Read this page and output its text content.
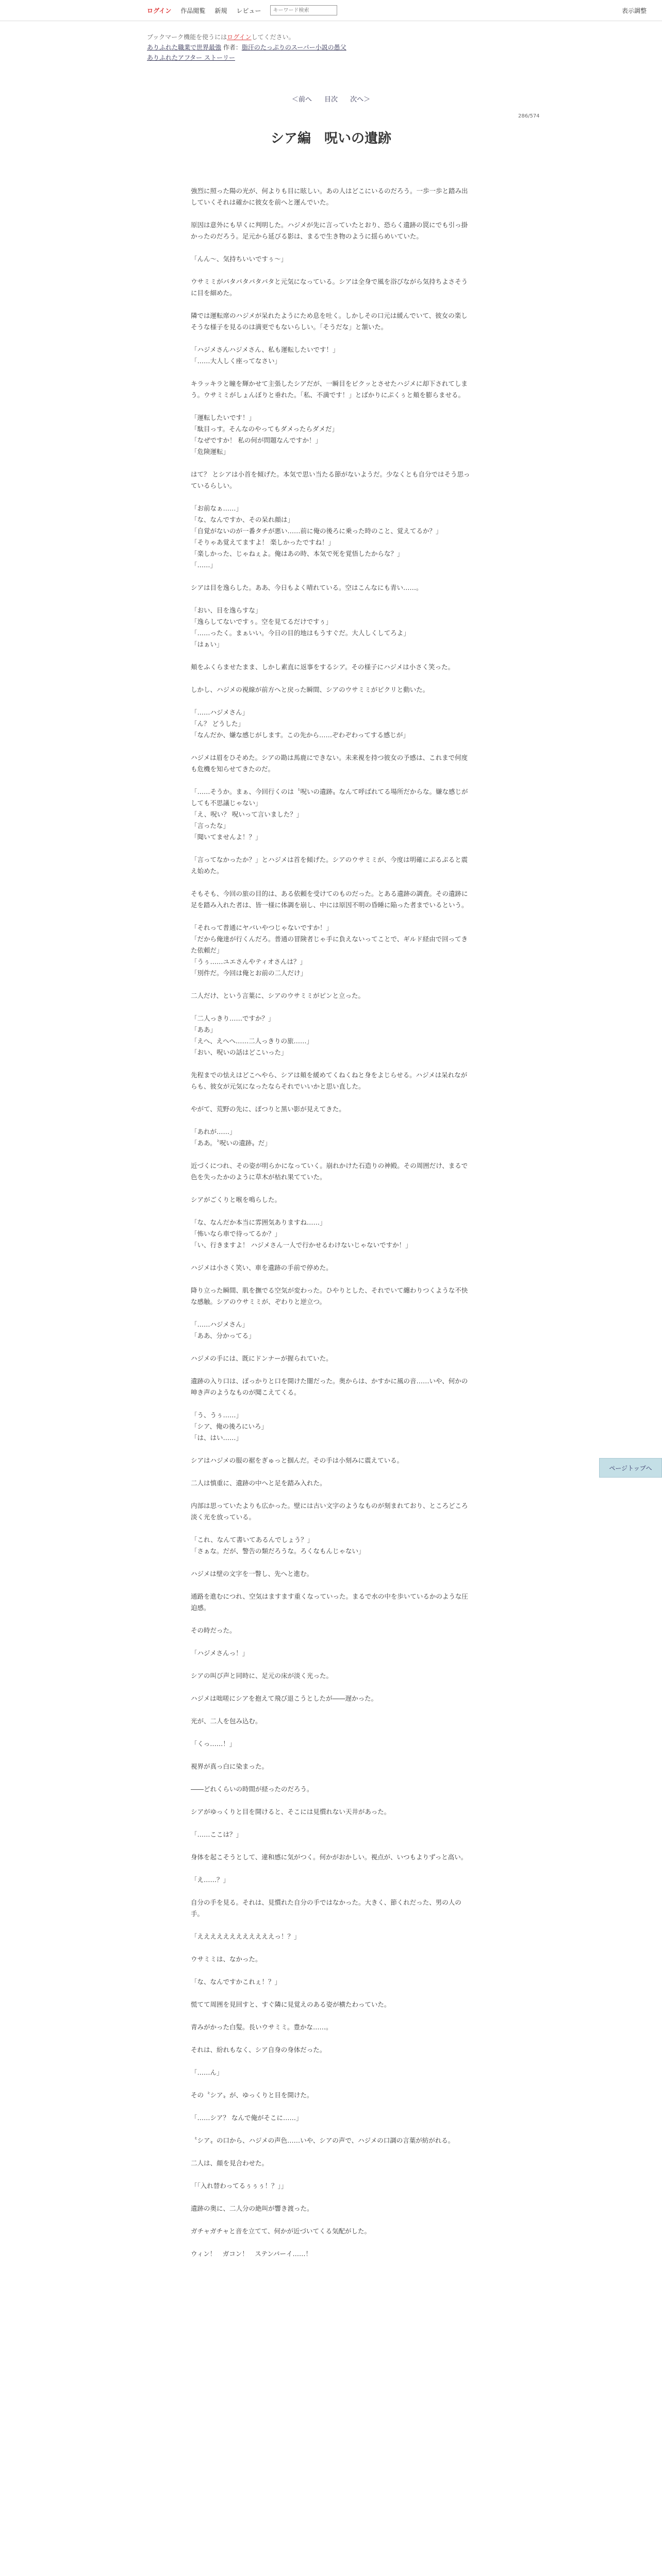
ログイン 作品閲覧 新規 レビュー
キーワード検索	表示調整
ブックマーク機能を使うにはログインしてください。
ありふれた職業で世界最強 作者：脂汗のたっぷりのスーパー小説の愚父
ありふれたアフター ストーリー
＜前へ 目次 次へ＞
286/574
シア編　呪いの遺跡

強烈に照った陽の光が、何よりも目に眩しい。あの人はどこにいるのだろう。一歩一歩と踏み出していくそれは確かに彼女を前へと運んでいた。

原因は意外にも早くに判明した。ハジメが先に言っていたとおり、恐らく遺跡の罠にでも引っ掛かったのだろう。足元から延びる影は、まるで生き物のように揺らめいていた。

「んん〜、気持ちいいですぅ〜」

ウサミミがパタパタパタパタと元気になっている。シアは全身で風を浴びながら気持ちよさそうに目を細めた。

隣では運転席のハジメが呆れたようにため息を吐く。しかしその口元は緩んでいて、彼女の楽しそうな様子を見るのは満更でもないらしい。「そうだな」と頷いた。

「ハジメさんハジメさん、私も運転したいです！」
「……大人しく座ってなさい」

キラッキラと瞳を輝かせて主張したシアだが、一瞬目をピクッとさせたハジメに却下されてしまう。ウサミミがしょんぼりと垂れた。「私、不満です！」とばかりにぷくぅと頬を膨らませる。

「運転したいです！」
「駄目っす。そんなのやってもダメったらダメだ」
「なぜですか！ 私の何が問題なんですか！」
「危険運転」

はて？ とシアは小首を傾げた。本気で思い当たる節がないようだ。少なくとも自分ではそう思っているらしい。

「お前なぁ……」
「な、なんですか、その呆れ顔は」
「自覚がないのが一番タチが悪い……前に俺の後ろに乗った時のこと、覚えてるか？」
「そりゃあ覚えてますよ！ 楽しかったですね！」
「楽しかった、じゃねぇよ。俺はあの時、本気で死を覚悟したからな？」
「……」

シアは目を逸らした。ああ、今日もよく晴れている。空はこんなにも青い……。

「おい、目を逸らすな」
「逸らしてないですぅ。空を見てるだけですぅ」
「……ったく。まぁいい。今日の目的地はもうすぐだ。大人しくしてろよ」
「はぁい」

頬をふくらませたまま、しかし素直に返事をするシア。その様子にハジメは小さく笑った。

しかし、ハジメの視線が前方へと戻った瞬間、シアのウサミミがピクリと動いた。

「……ハジメさん」
「ん？ どうした」
「なんだか、嫌な感じがします。この先から……ぞわぞわってする感じが」

ハジメは眉をひそめた。シアの勘は馬鹿にできない。未来視を持つ彼女の予感は、これまで何度も危機を知らせてきたのだ。

「……そうか。まぁ、今回行くのは〝呪いの遺跡〟なんて呼ばれてる場所だからな。嫌な感じがしても不思議じゃない」
「え、呪い？ 呪いって言いました？」
「言ったな」
「聞いてませんよ！？」

「言ってなかったか？」とハジメは首を傾げた。シアのウサミミが、今度は明確にぷるぷると震え始めた。

そもそも、今回の旅の目的は、ある依頼を受けてのものだった。とある遺跡の調査。その遺跡に足を踏み入れた者は、皆一様に体調を崩し、中には原因不明の昏睡に陥った者までいるという。

「それって普通にヤバいやつじゃないですか！」
「だから俺達が行くんだろ。普通の冒険者じゃ手に負えないってことで、ギルド経由で回ってきた依頼だ」
「うぅ……ユエさんやティオさんは？」
「別件だ。今回は俺とお前の二人だけ」

二人だけ、という言葉に、シアのウサミミがピンと立った。

「二人っきり……ですか？」
「ああ」
「えへ、えへへ……二人っきりの旅……」
「おい、呪いの話はどこいった」

先程までの怯えはどこへやら、シアは頬を緩めてくねくねと身をよじらせる。ハジメは呆れながらも、彼女が元気になったならそれでいいかと思い直した。

やがて、荒野の先に、ぽつりと黒い影が見えてきた。

「あれが……」
「ああ。〝呪いの遺跡〟だ」

近づくにつれ、その姿が明らかになっていく。崩れかけた石造りの神殿。その周囲だけ、まるで色を失ったかのように草木が枯れ果てていた。

シアがごくりと喉を鳴らした。

「な、なんだか本当に雰囲気ありますね……」
「怖いなら車で待ってるか？」
「い、行きますよ！ ハジメさん一人で行かせるわけないじゃないですか！」

ハジメは小さく笑い、車を遺跡の手前で停めた。

降り立った瞬間、肌を撫でる空気が変わった。ひやりとした、それでいて纏わりつくような不快な感触。シアのウサミミが、ぞわりと逆立つ。

「……ハジメさん」
「ああ、分かってる」

ハジメの手には、既にドンナーが握られていた。

遺跡の入り口は、ぽっかりと口を開けた闇だった。奥からは、かすかに風の音……いや、何かの呻き声のようなものが聞こえてくる。

「う、うぅ……」
「シア、俺の後ろにいろ」
「は、はい……」

シアはハジメの服の裾をぎゅっと掴んだ。その手は小刻みに震えている。

二人は慎重に、遺跡の中へと足を踏み入れた。

内部は思っていたよりも広かった。壁には古い文字のようなものが刻まれており、ところどころ淡く光を放っている。

「これ、なんて書いてあるんでしょう？」
「さぁな。だが、警告の類だろうな。ろくなもんじゃない」

ハジメは壁の文字を一瞥し、先へと進む。

通路を進むにつれ、空気はますます重くなっていった。まるで水の中を歩いているかのような圧迫感。

その時だった。

「ハジメさんっ！」

シアの叫び声と同時に、足元の床が淡く光った。

ハジメは咄嗟にシアを抱えて飛び退こうとしたが――遅かった。

光が、二人を包み込む。

「くっ……！」

視界が真っ白に染まった。

――どれくらいの時間が経ったのだろう。

シアがゆっくりと目を開けると、そこには見慣れない天井があった。

「……ここは？」

身体を起こそうとして、違和感に気がつく。何かがおかしい。視点が、いつもよりずっと高い。

「え……？」

自分の手を見る。それは、見慣れた自分の手ではなかった。大きく、節くれだった、男の人の手。

「ええええええええええええっ！？」

ウサミミは、なかった。

「な、なんですかこれぇ！？」

慌てて周囲を見回すと、すぐ隣に見覚えのある姿が横たわっていた。

青みがかった白髪。長いウサミミ。豊かな……。

それは、紛れもなく、シア自身の身体だった。

「……ん」

その〝シア〟が、ゆっくりと目を開けた。

「……シア？ なんで俺がそこに……」

〝シア〟の口から、ハジメの声色……いや、シアの声で、ハジメの口調の言葉が紡がれる。

二人は、顔を見合わせた。

「「入れ替わってるぅぅぅ！？」」

遺跡の奥に、二人分の絶叫が響き渡った。

ガチャガチャと音を立てて、何かが近づいてくる気配がした。

ウィン！　ガコン！　ステンバーイ……！

ページトップへ
